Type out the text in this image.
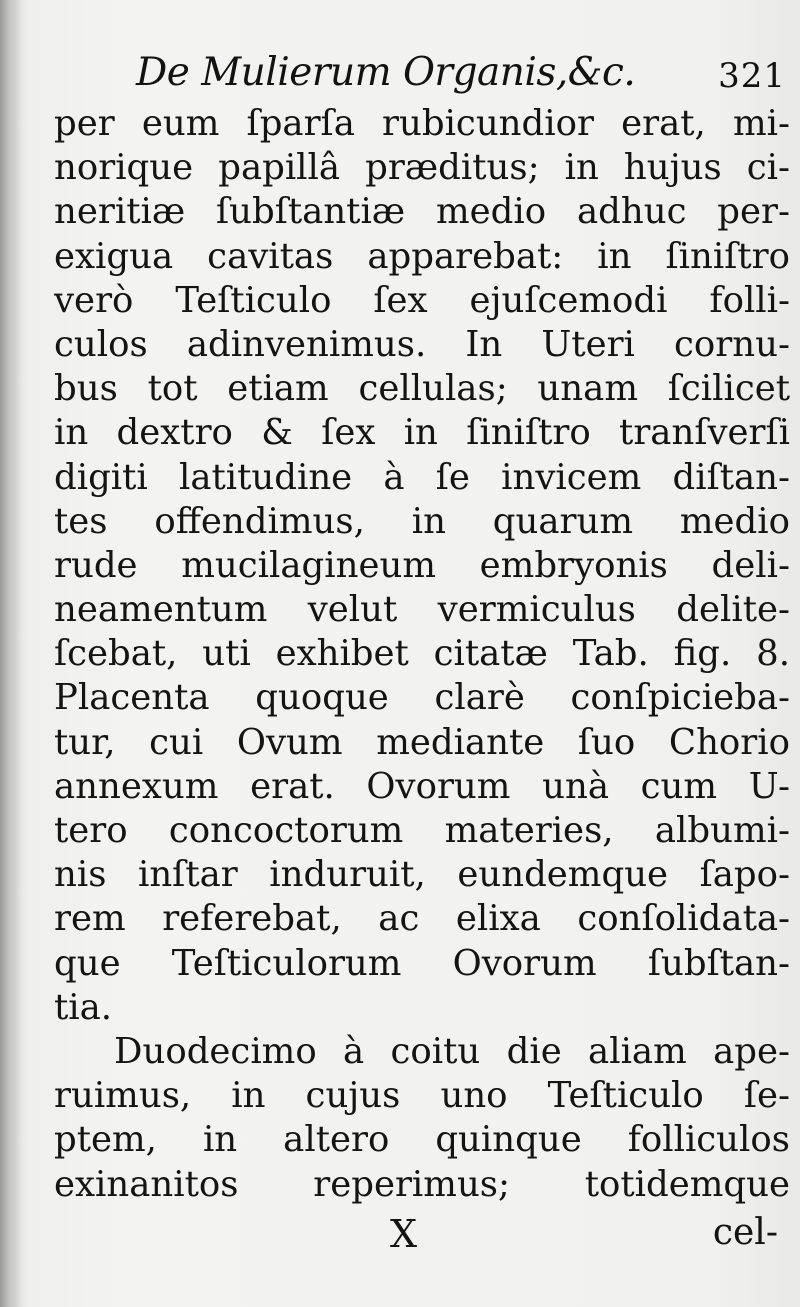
De Mulierum Organis,&c. 321
per eum ſparſa rubicundior erat, mi-
norique papillâ præditus; in hujus ci-
neritiæ ſubſtantiæ medio adhuc per-
exigua cavitas apparebat: in ſiniſtro
verò Teſticulo ſex ejuſcemodi folli-
culos adinvenimus. In Uteri cornu-
bus tot etiam cellulas; unam ſcilicet
in dextro & ſex in ſiniſtro tranſverſi
digiti latitudine à ſe invicem diſtan-
tes offendimus, in quarum medio
rude mucilagineum embryonis deli-
neamentum velut vermiculus delite-
ſcebat, uti exhibet citatæ Tab. fig. 8.
Placenta quoque clarè conſpicieba-
tur, cui Ovum mediante ſuo Chorio
annexum erat. Ovorum unà cum U-
tero concoctorum materies, albumi-
nis inſtar induruit, eundemque ſapo-
rem referebat, ac elixa conſolidata-
que Teſticulorum Ovorum ſubſtan-
tia.
Duodecimo à coitu die aliam ape-
ruimus, in cujus uno Teſticulo ſe-
ptem, in altero quinque folliculos
exinanitos reperimus; totidemque
X	cel-
